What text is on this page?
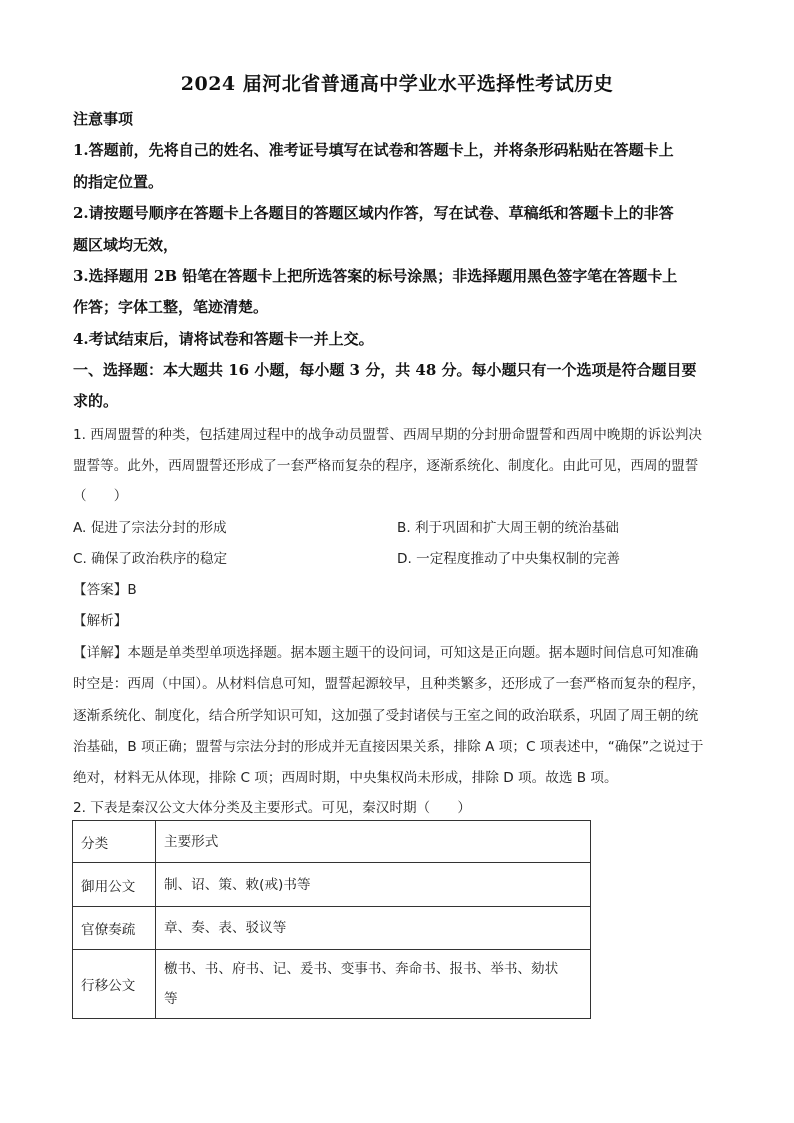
2024 届河北省普通高中学业水平选择性考试历史
注意事项
1.答题前，先将自己的姓名、准考证号填写在试卷和答题卡上，并将条形码粘贴在答题卡上
的指定位置。
2.请按题号顺序在答题卡上各题目的答题区域内作答，写在试卷、草稿纸和答题卡上的非答
题区域均无效，
3.选择题用 2B 铅笔在答题卡上把所选答案的标号涂黑；非选择题用黑色签字笔在答题卡上
作答；字体工整，笔迹清楚。
4.考试结束后，请将试卷和答题卡一并上交。
一、选择题：本大题共 16 小题，每小题 3 分，共 48 分。每小题只有一个选项是符合题目要
求的。
1. 西周盟誓的种类，包括建周过程中的战争动员盟誓、西周早期的分封册命盟誓和西周中晚期的诉讼判决
盟誓等。此外，西周盟誓还形成了一套严格而复杂的程序，逐渐系统化、制度化。由此可见，西周的盟誓
（　　）
A. 促进了宗法分封的形成	B. 利于巩固和扩大周王朝的统治基础
C. 确保了政治秩序的稳定	D. 一定程度推动了中央集权制的完善
【答案】B
【解析】
【详解】本题是单类型单项选择题。据本题主题干的设问词，可知这是正向题。据本题时间信息可知准确
时空是：西周（中国）。从材料信息可知，盟誓起源较早，且种类繁多，还形成了一套严格而复杂的程序，
逐渐系统化、制度化，结合所学知识可知，这加强了受封诸侯与王室之间的政治联系，巩固了周王朝的统
治基础，B 项正确；盟誓与宗法分封的形成并无直接因果关系，排除 A 项；C 项表述中，“确保”之说过于
绝对，材料无从体现，排除 C 项；西周时期，中央集权尚未形成，排除 D 项。故选 B 项。
2. 下表是秦汉公文大体分类及主要形式。可见，秦汉时期（　　）
分类	主要形式
御用公文	制、诏、策、敕(戒)书等
官僚奏疏	章、奏、表、驳议等
行移公文	檄书、书、府书、记、爰书、变事书、奔命书、报书、举书、劾状
等
